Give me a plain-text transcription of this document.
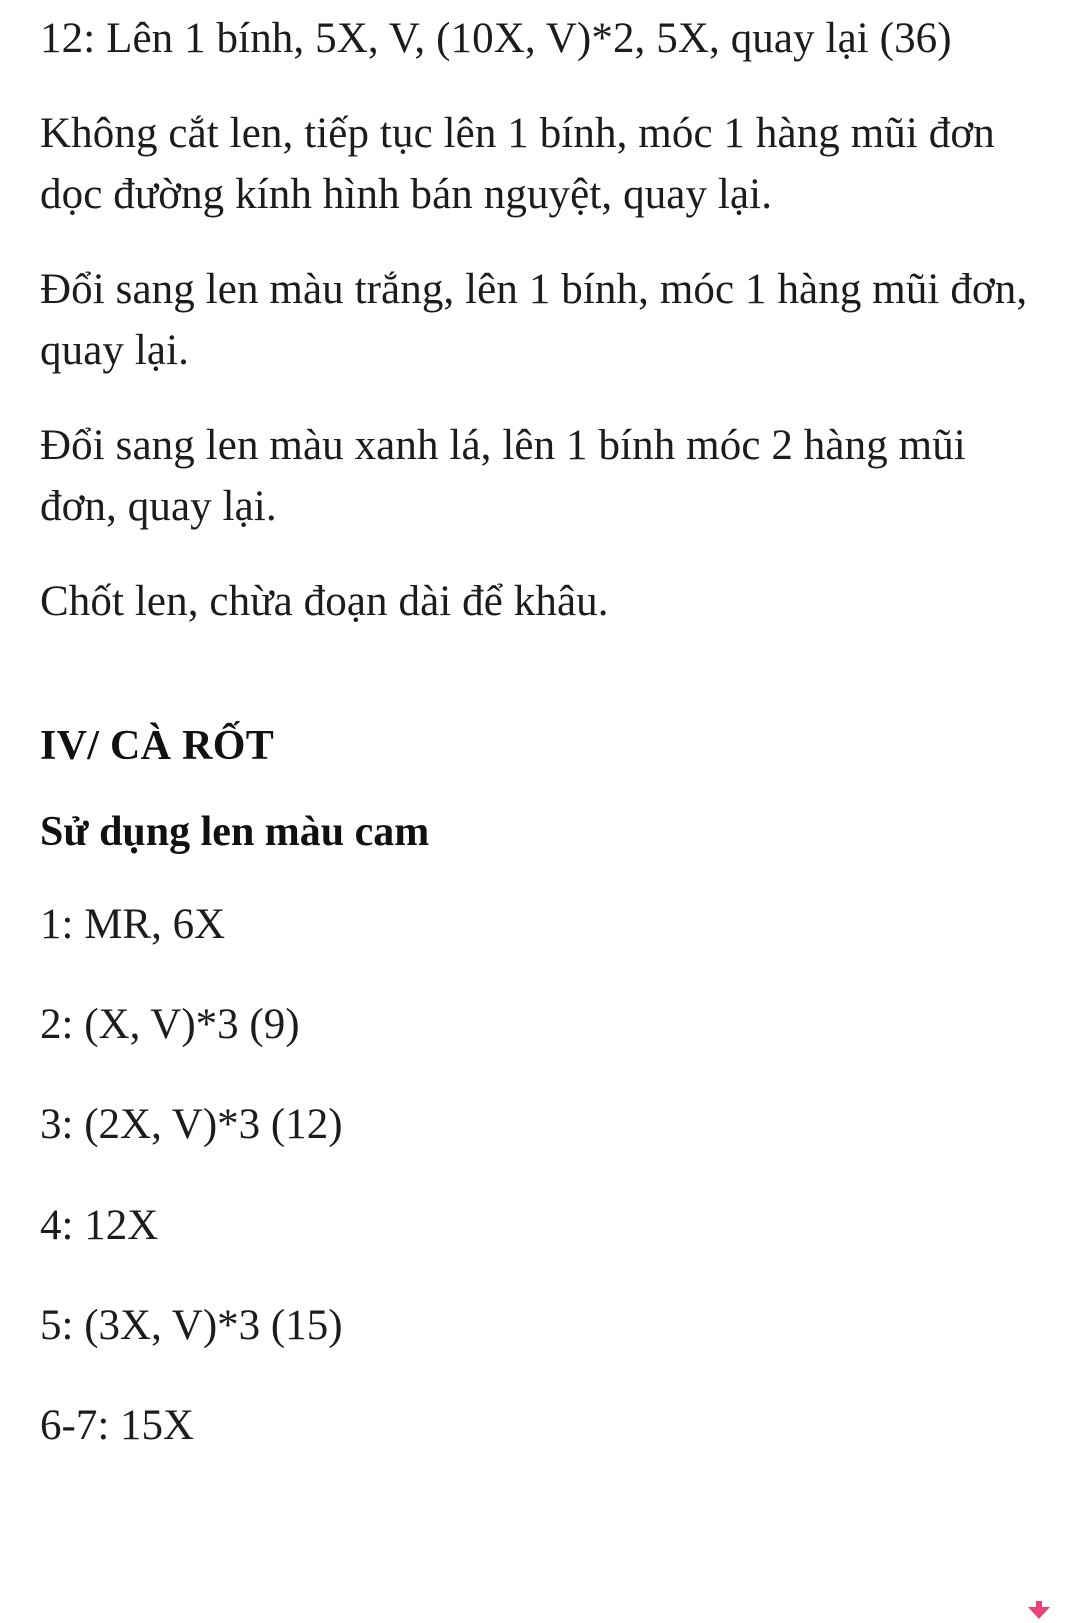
12: Lên 1 bính, 5X, V, (10X, V)*2, 5X, quay lại (36)

Không cắt len, tiếp tục lên 1 bính, móc 1 hàng mũi đơn dọc đường kính hình bán nguyệt, quay lại.

Đổi sang len màu trắng, lên 1 bính, móc 1 hàng mũi đơn, quay lại.

Đổi sang len màu xanh lá, lên 1 bính móc 2 hàng mũi đơn, quay lại.

Chốt len, chừa đoạn dài để khâu.

IV/ CÀ RỐT
Sử dụng len màu cam

1: MR, 6X

2: (X, V)*3 (9)

3: (2X, V)*3 (12)

4: 12X

5: (3X, V)*3 (15)

6-7: 15X
